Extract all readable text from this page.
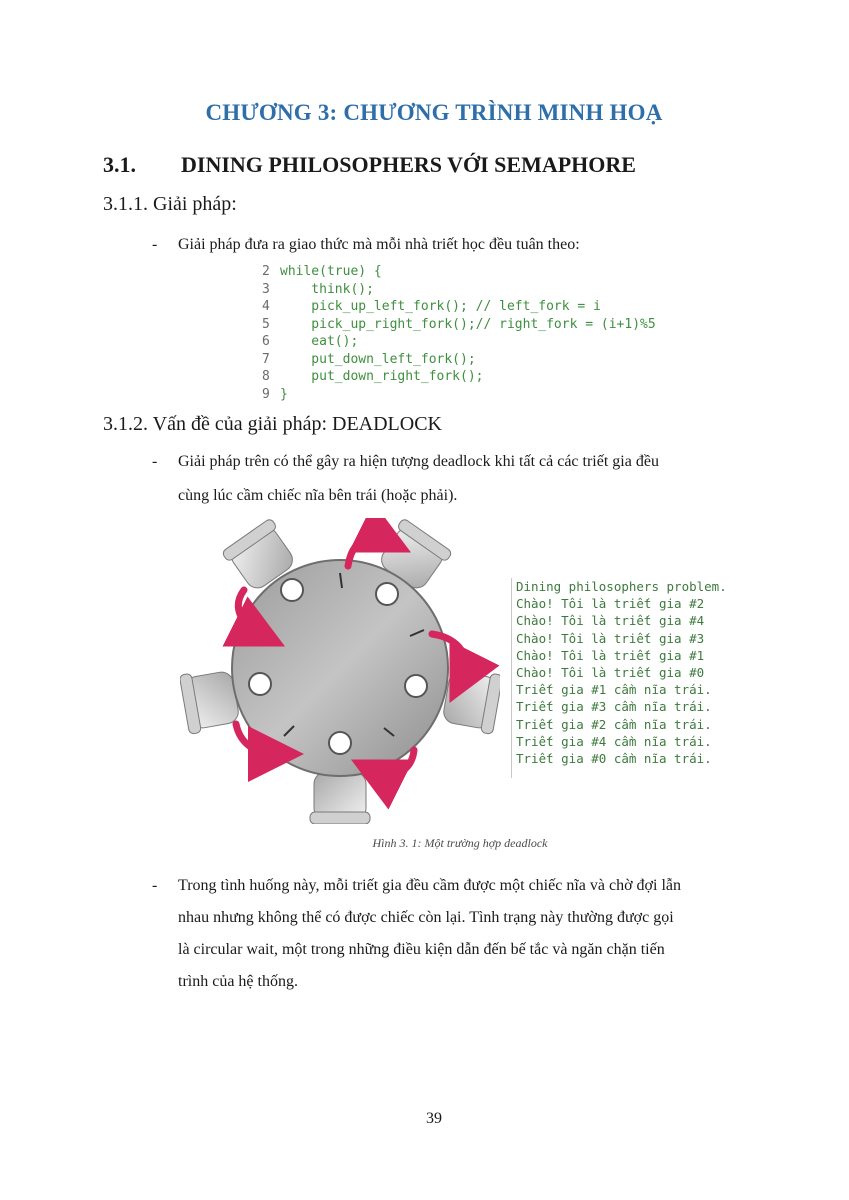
CHƯƠNG 3: CHƯƠNG TRÌNH MINH HOẠ
3.1. DINING PHILOSOPHERS VỚI SEMAPHORE
3.1.1. Giải pháp:
- Giải pháp đưa ra giao thức mà mỗi nhà triết học đều tuân theo:
2 while(true) {
3    think();
4    pick_up_left_fork(); // left_fork = i
5    pick_up_right_fork();// right_fork = (i+1)%5
6    eat();
7    put_down_left_fork();
8    put_down_right_fork();
9 }
3.1.2. Vấn đề của giải pháp: DEADLOCK
- Giải pháp trên có thể gây ra hiện tượng deadlock khi tất cả các triết gia đều
cùng lúc cầm chiếc nĩa bên trái (hoặc phải).
Dining philosophers problem.
Chào! Tôi là triết gia #2
Chào! Tôi là triết gia #4
Chào! Tôi là triết gia #3
Chào! Tôi là triết gia #1
Chào! Tôi là triết gia #0
Triết gia #1 cầm nĩa trái.
Triết gia #3 cầm nĩa trái.
Triết gia #2 cầm nĩa trái.
Triết gia #4 cầm nĩa trái.
Triết gia #0 cầm nĩa trái.
Hình 3. 1: Một trường hợp deadlock
- Trong tình huống này, mỗi triết gia đều cầm được một chiếc nĩa và chờ đợi lẫn
nhau nhưng không thể có được chiếc còn lại. Tình trạng này thường được gọi
là circular wait, một trong những điều kiện dẫn đến bế tắc và ngăn chặn tiến
trình của hệ thống.
39
